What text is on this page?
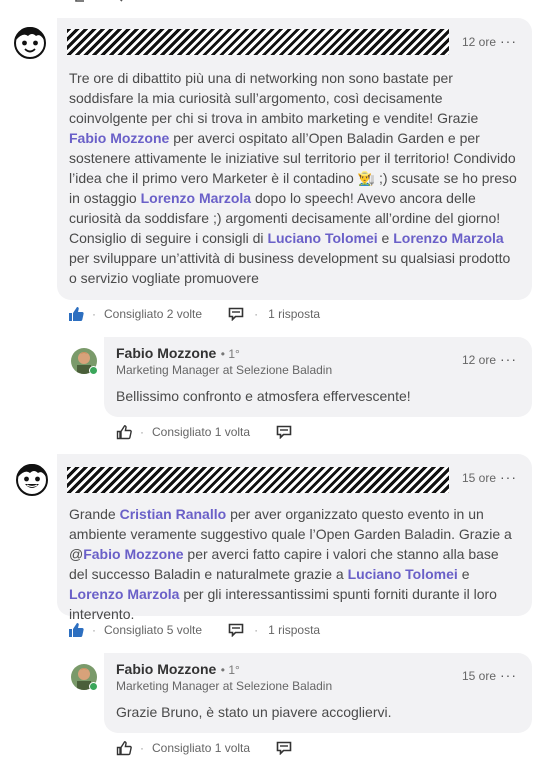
12 ore ···
Tre ore di dibattito più una di networking non sono bastate per soddisfare la mia curiosità sull’argomento, così decisamente coinvolgente per chi si trova in ambito marketing e vendite! Grazie Fabio Mozzone per averci ospitato all’Open Baladin Garden e per sostenere attivamente le iniziative sul territorio per il territorio! Condivido l’idea che il primo vero Marketer è il contadino 👨‍🌾 ;) scusate se ho preso in ostaggio Lorenzo Marzola dopo lo speech! Avevo ancora delle curiosità da soddisfare ;) argomenti decisamente all’ordine del giorno! Consiglio di seguire i consigli di Luciano Tolomei e Lorenzo Marzola per sviluppare un’attività di business development su qualsiasi prodotto o servizio vogliate promuovere
· Consigliato 2 volte	· 1 risposta
Fabio Mozzone • 1°
Marketing Manager at Selezione Baladin
12 ore ···
Bellissimo confronto e atmosfera effervescente!
· Consigliato 1 volta
15 ore ···
Grande Cristian Ranallo per aver organizzato questo evento in un ambiente veramente suggestivo quale l’Open Garden Baladin. Grazie a @Fabio Mozzone per averci fatto capire i valori che stanno alla base del successo Baladin e naturalmete grazie a Luciano Tolomei e Lorenzo Marzola per gli interessantissimi spunti forniti durante il loro intervento.
· Consigliato 5 volte	· 1 risposta
Fabio Mozzone • 1°
Marketing Manager at Selezione Baladin
15 ore ···
Grazie Bruno, è stato un piavere accogliervi.
· Consigliato 1 volta
